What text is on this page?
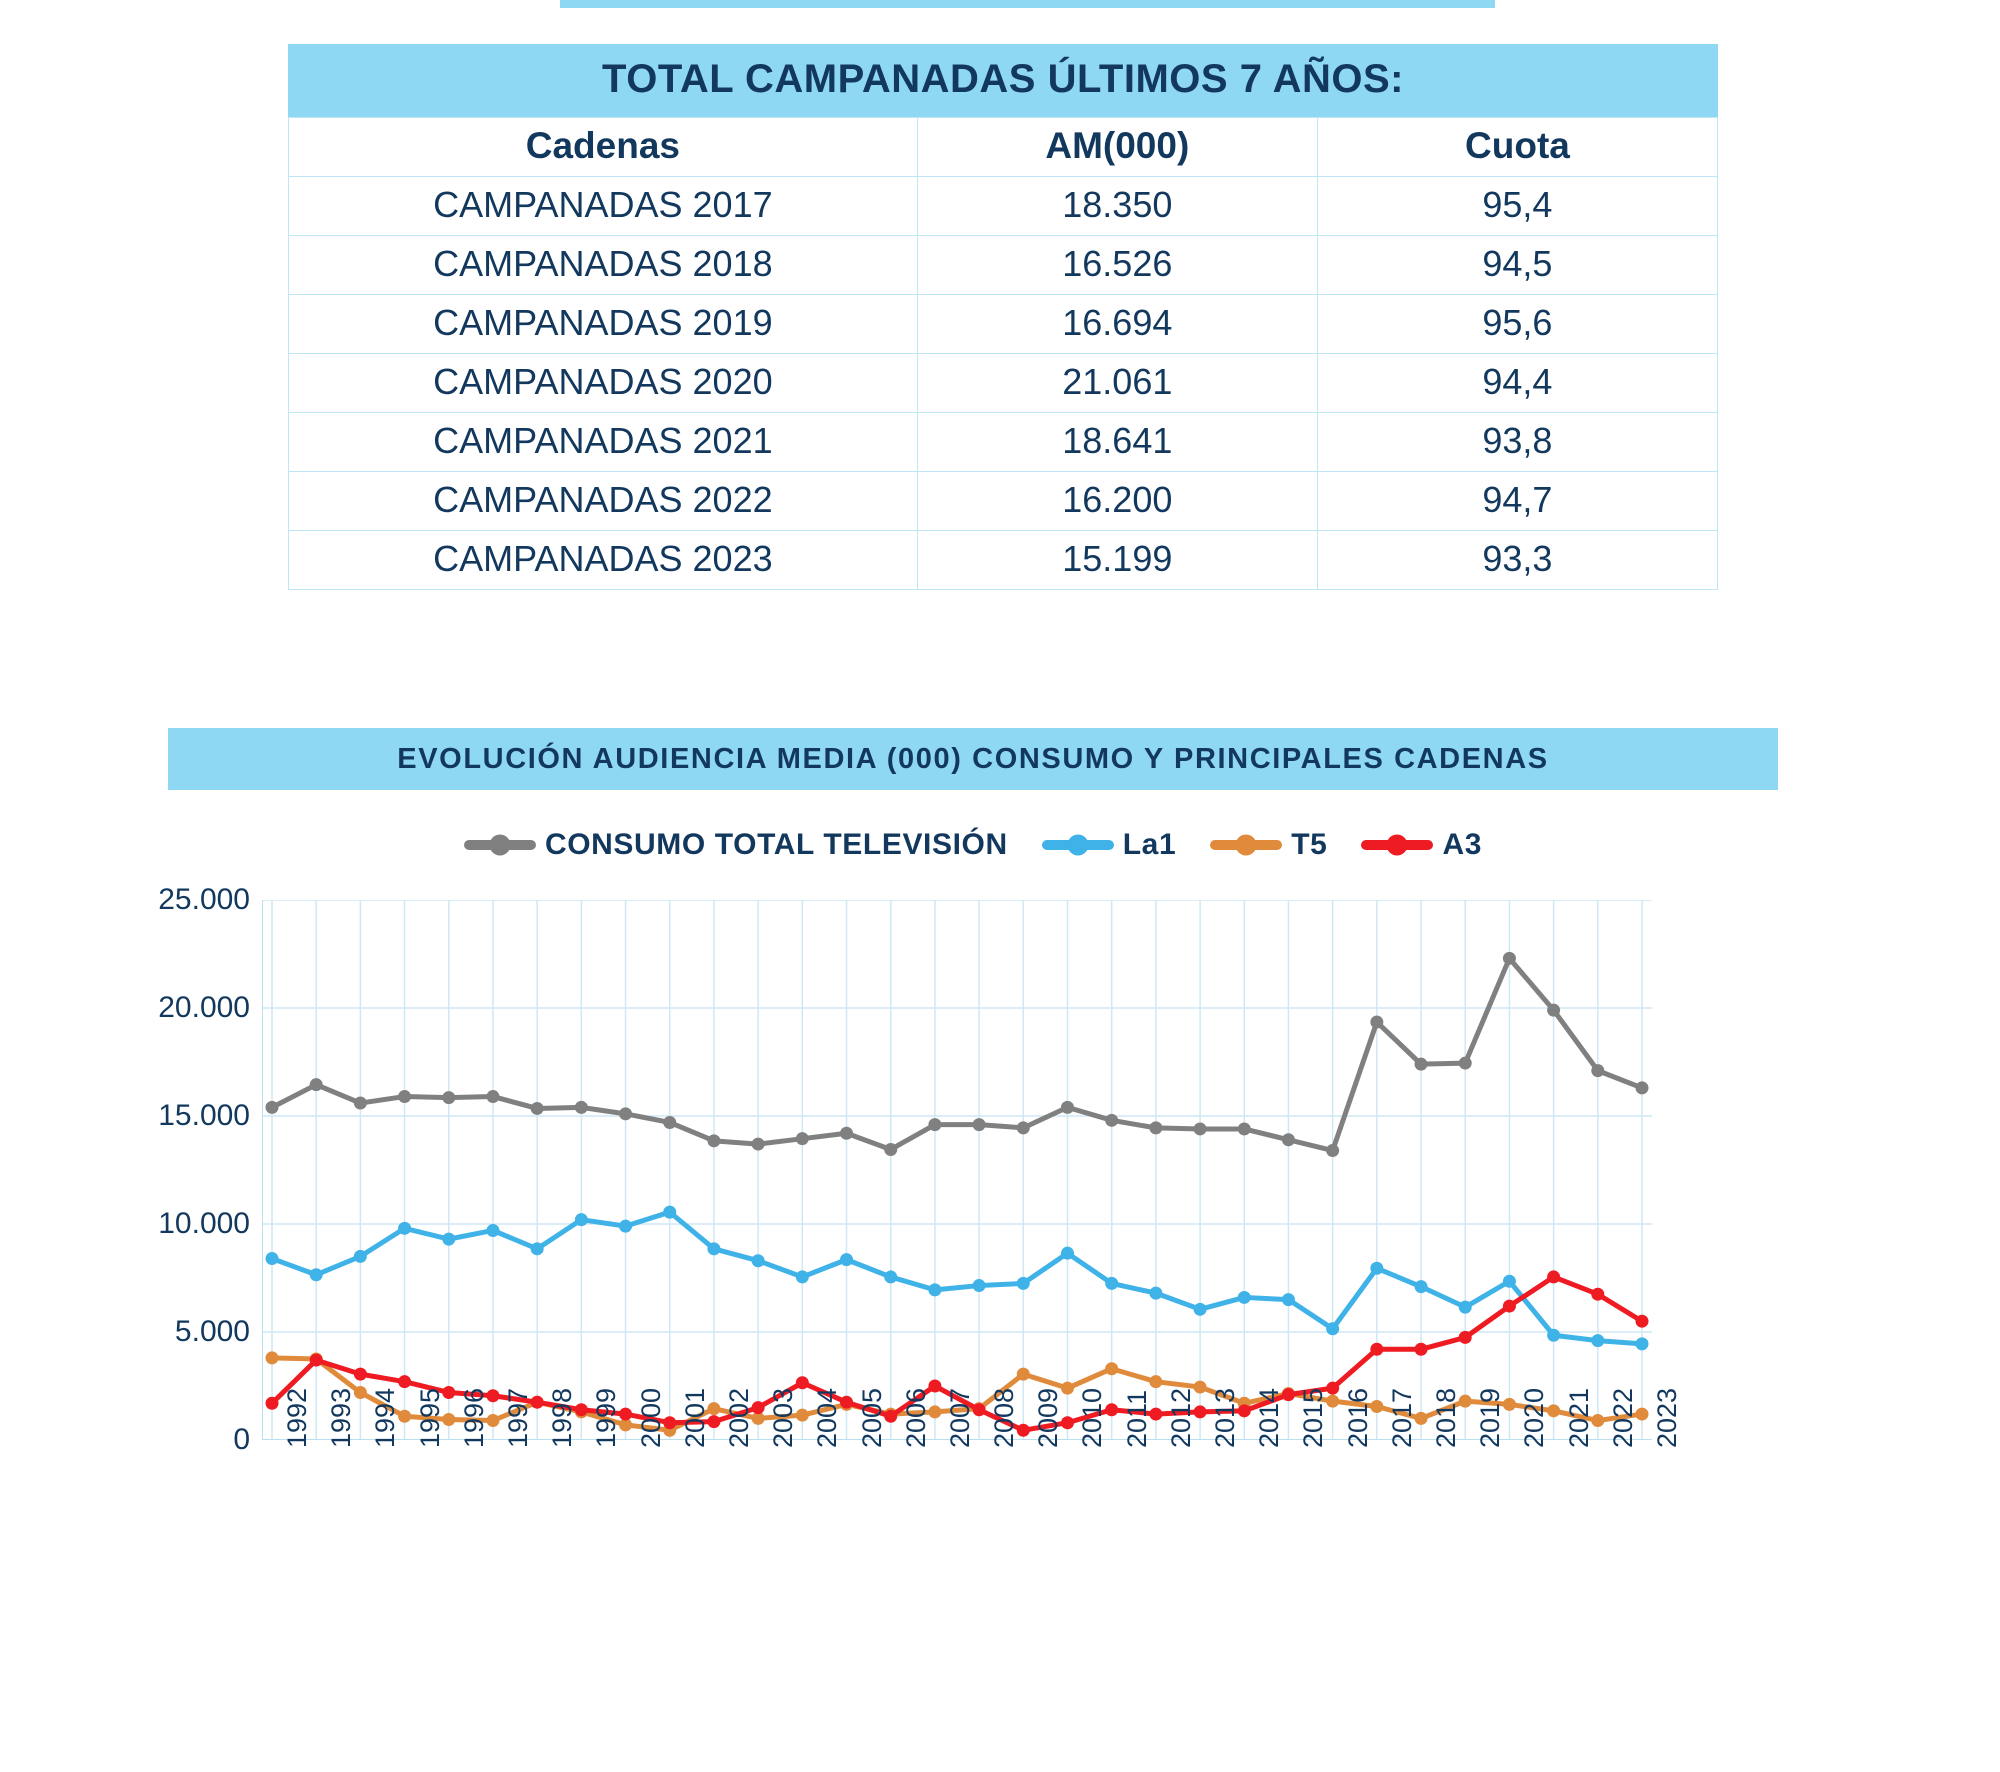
TOTAL CAMPANADAS ÚLTIMOS 7 AÑOS:
Cadenas	AM(000)	Cuota
CAMPANADAS 2017	18.350	95,4
CAMPANADAS 2018	16.526	94,5
CAMPANADAS 2019	16.694	95,6
CAMPANADAS 2020	21.061	94,4
CAMPANADAS 2021	18.641	93,8
CAMPANADAS 2022	16.200	94,7
CAMPANADAS 2023	15.199	93,3
EVOLUCIÓN AUDIENCIA MEDIA (000) CONSUMO Y PRINCIPALES CADENAS
CONSUMO TOTAL TELEVISIÓN	La1	T5	A3
0
5.000
10.000
15.000
20.000
25.000
1992 1993 1994 1995 1996 1997 1998 1999 2000 2001 2002 2003 2004 2005 2006 2007 2008 2009 2010 2011 2012 2013 2014 2015 2016 2017 2018 2019 2020 2021 2022 2023
